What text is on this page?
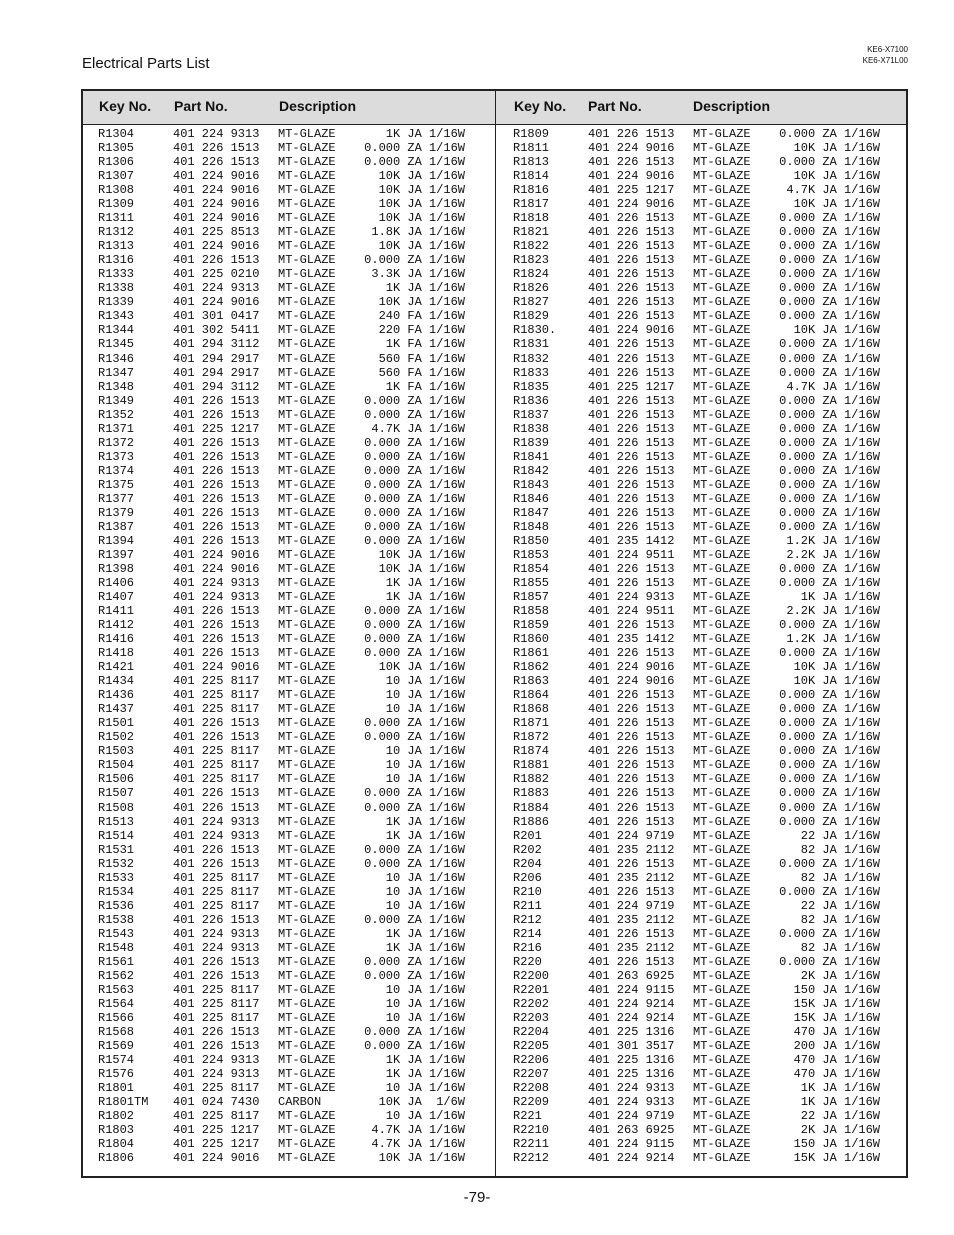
Electrical Parts List
KE6-X7100
KE6-X71L00
Key No. Part No.	Description	Key No. Part No.	Description
R1304	401 224 9313 MT-GLAZE	1K JA 1/16W
R1305	401 226 1513 MT-GLAZE	0.000 ZA 1/16W
R1306	401 226 1513 MT-GLAZE	0.000 ZA 1/16W
R1307	401 224 9016 MT-GLAZE	10K JA 1/16W
R1308	401 224 9016 MT-GLAZE	10K JA 1/16W
R1309	401 224 9016 MT-GLAZE	10K JA 1/16W
R1311	401 224 9016 MT-GLAZE	10K JA 1/16W
R1312	401 225 8513 MT-GLAZE	1.8K JA 1/16W
R1313	401 224 9016 MT-GLAZE	10K JA 1/16W
R1316	401 226 1513 MT-GLAZE	0.000 ZA 1/16W
R1333	401 225 0210 MT-GLAZE	3.3K JA 1/16W
R1338	401 224 9313 MT-GLAZE	1K JA 1/16W
R1339	401 224 9016 MT-GLAZE	10K JA 1/16W
R1343	401 301 0417 MT-GLAZE	240 FA 1/16W
R1344	401 302 5411 MT-GLAZE	220 FA 1/16W
R1345	401 294 3112 MT-GLAZE	1K FA 1/16W
R1346	401 294 2917 MT-GLAZE	560 FA 1/16W
R1347	401 294 2917 MT-GLAZE	560 FA 1/16W
R1348	401 294 3112 MT-GLAZE	1K FA 1/16W
R1349	401 226 1513 MT-GLAZE	0.000 ZA 1/16W
R1352	401 226 1513 MT-GLAZE	0.000 ZA 1/16W
R1371	401 225 1217 MT-GLAZE	4.7K JA 1/16W
R1372	401 226 1513 MT-GLAZE	0.000 ZA 1/16W
R1373	401 226 1513 MT-GLAZE	0.000 ZA 1/16W
R1374	401 226 1513 MT-GLAZE	0.000 ZA 1/16W
R1375	401 226 1513 MT-GLAZE	0.000 ZA 1/16W
R1377	401 226 1513 MT-GLAZE	0.000 ZA 1/16W
R1379	401 226 1513 MT-GLAZE	0.000 ZA 1/16W
R1387	401 226 1513 MT-GLAZE	0.000 ZA 1/16W
R1394	401 226 1513 MT-GLAZE	0.000 ZA 1/16W
R1397	401 224 9016 MT-GLAZE	10K JA 1/16W
R1398	401 224 9016 MT-GLAZE	10K JA 1/16W
R1406	401 224 9313 MT-GLAZE	1K JA 1/16W
R1407	401 224 9313 MT-GLAZE	1K JA 1/16W
R1411	401 226 1513 MT-GLAZE	0.000 ZA 1/16W
R1412	401 226 1513 MT-GLAZE	0.000 ZA 1/16W
R1416	401 226 1513 MT-GLAZE	0.000 ZA 1/16W
R1418	401 226 1513 MT-GLAZE	0.000 ZA 1/16W
R1421	401 224 9016 MT-GLAZE	10K JA 1/16W
R1434	401 225 8117 MT-GLAZE	10 JA 1/16W
R1436	401 225 8117 MT-GLAZE	10 JA 1/16W
R1437	401 225 8117 MT-GLAZE	10 JA 1/16W
R1501	401 226 1513 MT-GLAZE	0.000 ZA 1/16W
R1502	401 226 1513 MT-GLAZE	0.000 ZA 1/16W
R1503	401 225 8117 MT-GLAZE	10 JA 1/16W
R1504	401 225 8117 MT-GLAZE	10 JA 1/16W
R1506	401 225 8117 MT-GLAZE	10 JA 1/16W
R1507	401 226 1513 MT-GLAZE	0.000 ZA 1/16W
R1508	401 226 1513 MT-GLAZE	0.000 ZA 1/16W
R1513	401 224 9313 MT-GLAZE	1K JA 1/16W
R1514	401 224 9313 MT-GLAZE	1K JA 1/16W
R1531	401 226 1513 MT-GLAZE	0.000 ZA 1/16W
R1532	401 226 1513 MT-GLAZE	0.000 ZA 1/16W
R1533	401 225 8117 MT-GLAZE	10 JA 1/16W
R1534	401 225 8117 MT-GLAZE	10 JA 1/16W
R1536	401 225 8117 MT-GLAZE	10 JA 1/16W
R1538	401 226 1513 MT-GLAZE	0.000 ZA 1/16W
R1543	401 224 9313 MT-GLAZE	1K JA 1/16W
R1548	401 224 9313 MT-GLAZE	1K JA 1/16W
R1561	401 226 1513 MT-GLAZE	0.000 ZA 1/16W
R1562	401 226 1513 MT-GLAZE	0.000 ZA 1/16W
R1563	401 225 8117 MT-GLAZE	10 JA 1/16W
R1564	401 225 8117 MT-GLAZE	10 JA 1/16W
R1566	401 225 8117 MT-GLAZE	10 JA 1/16W
R1568	401 226 1513 MT-GLAZE	0.000 ZA 1/16W
R1569	401 226 1513 MT-GLAZE	0.000 ZA 1/16W
R1574	401 224 9313 MT-GLAZE	1K JA 1/16W
R1576	401 224 9313 MT-GLAZE	1K JA 1/16W
R1801	401 225 8117 MT-GLAZE	10 JA 1/16W
R1801TM 401 024 7430 CARBON	10K JA  1/6W
R1802	401 225 8117 MT-GLAZE	10 JA 1/16W
R1803	401 225 1217 MT-GLAZE	4.7K JA 1/16W
R1804	401 225 1217 MT-GLAZE	4.7K JA 1/16W
R1806	401 224 9016 MT-GLAZE	10K JA 1/16W
R1809	401 226 1513 MT-GLAZE	0.000 ZA 1/16W
R1811	401 224 9016 MT-GLAZE	10K JA 1/16W
R1813	401 226 1513 MT-GLAZE	0.000 ZA 1/16W
R1814	401 224 9016 MT-GLAZE	10K JA 1/16W
R1816	401 225 1217 MT-GLAZE	4.7K JA 1/16W
R1817	401 224 9016 MT-GLAZE	10K JA 1/16W
R1818	401 226 1513 MT-GLAZE	0.000 ZA 1/16W
R1821	401 226 1513 MT-GLAZE	0.000 ZA 1/16W
R1822	401 226 1513 MT-GLAZE	0.000 ZA 1/16W
R1823	401 226 1513 MT-GLAZE	0.000 ZA 1/16W
R1824	401 226 1513 MT-GLAZE	0.000 ZA 1/16W
R1826	401 226 1513 MT-GLAZE	0.000 ZA 1/16W
R1827	401 226 1513 MT-GLAZE	0.000 ZA 1/16W
R1829	401 226 1513 MT-GLAZE	0.000 ZA 1/16W
R1830.	401 224 9016 MT-GLAZE	10K JA 1/16W
R1831	401 226 1513 MT-GLAZE	0.000 ZA 1/16W
R1832	401 226 1513 MT-GLAZE	0.000 ZA 1/16W
R1833	401 226 1513 MT-GLAZE	0.000 ZA 1/16W
R1835	401 225 1217 MT-GLAZE	4.7K JA 1/16W
R1836	401 226 1513 MT-GLAZE	0.000 ZA 1/16W
R1837	401 226 1513 MT-GLAZE	0.000 ZA 1/16W
R1838	401 226 1513 MT-GLAZE	0.000 ZA 1/16W
R1839	401 226 1513 MT-GLAZE	0.000 ZA 1/16W
R1841	401 226 1513 MT-GLAZE	0.000 ZA 1/16W
R1842	401 226 1513 MT-GLAZE	0.000 ZA 1/16W
R1843	401 226 1513 MT-GLAZE	0.000 ZA 1/16W
R1846	401 226 1513 MT-GLAZE	0.000 ZA 1/16W
R1847	401 226 1513 MT-GLAZE	0.000 ZA 1/16W
R1848	401 226 1513 MT-GLAZE	0.000 ZA 1/16W
R1850	401 235 1412 MT-GLAZE	1.2K JA 1/16W
R1853	401 224 9511 MT-GLAZE	2.2K JA 1/16W
R1854	401 226 1513 MT-GLAZE	0.000 ZA 1/16W
R1855	401 226 1513 MT-GLAZE	0.000 ZA 1/16W
R1857	401 224 9313 MT-GLAZE	1K JA 1/16W
R1858	401 224 9511 MT-GLAZE	2.2K JA 1/16W
R1859	401 226 1513 MT-GLAZE	0.000 ZA 1/16W
R1860	401 235 1412 MT-GLAZE	1.2K JA 1/16W
R1861	401 226 1513 MT-GLAZE	0.000 ZA 1/16W
R1862	401 224 9016 MT-GLAZE	10K JA 1/16W
R1863	401 224 9016 MT-GLAZE	10K JA 1/16W
R1864	401 226 1513 MT-GLAZE	0.000 ZA 1/16W
R1868	401 226 1513 MT-GLAZE	0.000 ZA 1/16W
R1871	401 226 1513 MT-GLAZE	0.000 ZA 1/16W
R1872	401 226 1513 MT-GLAZE	0.000 ZA 1/16W
R1874	401 226 1513 MT-GLAZE	0.000 ZA 1/16W
R1881	401 226 1513 MT-GLAZE	0.000 ZA 1/16W
R1882	401 226 1513 MT-GLAZE	0.000 ZA 1/16W
R1883	401 226 1513 MT-GLAZE	0.000 ZA 1/16W
R1884	401 226 1513 MT-GLAZE	0.000 ZA 1/16W
R1886	401 226 1513 MT-GLAZE	0.000 ZA 1/16W
R201	401 224 9719 MT-GLAZE	22 JA 1/16W
R202	401 235 2112 MT-GLAZE	82 JA 1/16W
R204	401 226 1513 MT-GLAZE	0.000 ZA 1/16W
R206	401 235 2112 MT-GLAZE	82 JA 1/16W
R210	401 226 1513 MT-GLAZE	0.000 ZA 1/16W
R211	401 224 9719 MT-GLAZE	22 JA 1/16W
R212	401 235 2112 MT-GLAZE	82 JA 1/16W
R214	401 226 1513 MT-GLAZE	0.000 ZA 1/16W
R216	401 235 2112 MT-GLAZE	82 JA 1/16W
R220	401 226 1513 MT-GLAZE	0.000 ZA 1/16W
R2200	401 263 6925 MT-GLAZE	2K JA 1/16W
R2201	401 224 9115 MT-GLAZE	150 JA 1/16W
R2202	401 224 9214 MT-GLAZE	15K JA 1/16W
R2203	401 224 9214 MT-GLAZE	15K JA 1/16W
R2204	401 225 1316 MT-GLAZE	470 JA 1/16W
R2205	401 301 3517 MT-GLAZE	200 JA 1/16W
R2206	401 225 1316 MT-GLAZE	470 JA 1/16W
R2207	401 225 1316 MT-GLAZE	470 JA 1/16W
R2208	401 224 9313 MT-GLAZE	1K JA 1/16W
R2209	401 224 9313 MT-GLAZE	1K JA 1/16W
R221	401 224 9719 MT-GLAZE	22 JA 1/16W
R2210	401 263 6925 MT-GLAZE	2K JA 1/16W
R2211	401 224 9115 MT-GLAZE	150 JA 1/16W
R2212	401 224 9214 MT-GLAZE	15K JA 1/16W
-79-
